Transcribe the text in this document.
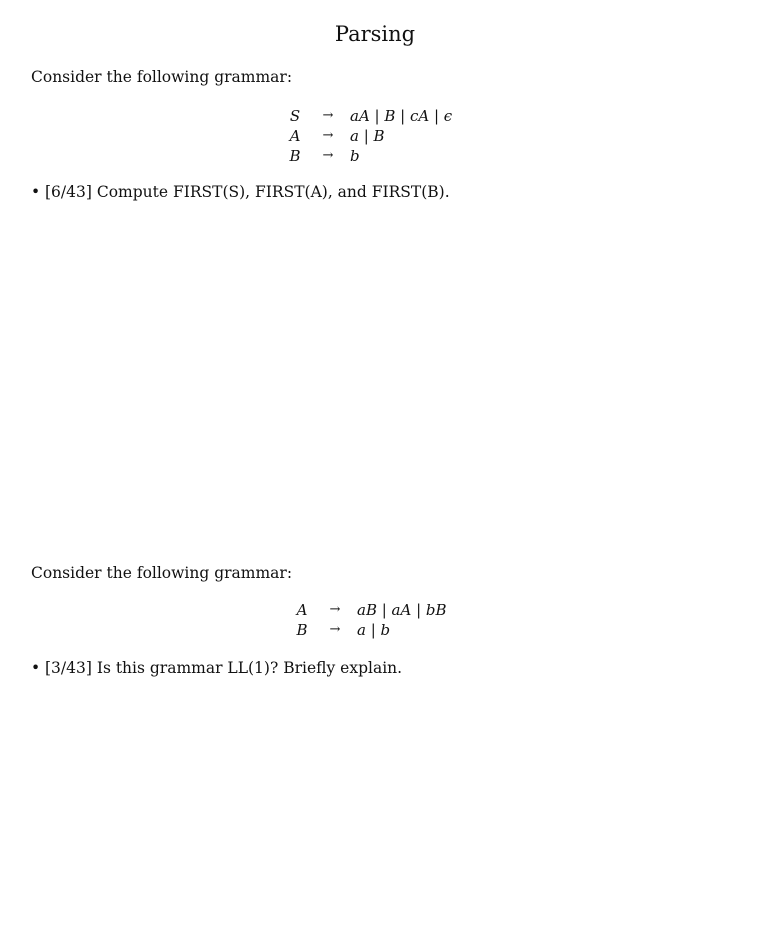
Parsing
Consider the following grammar:
S	→	aA | B | cA | ϵ
A	→	a | B
B	→	b
• [6/43] Compute FIRST(S), FIRST(A), and FIRST(B).
Consider the following grammar:
A	→	aB | aA | bB
B	→	a | b
• [3/43] Is this grammar LL(1)? Briefly explain.
